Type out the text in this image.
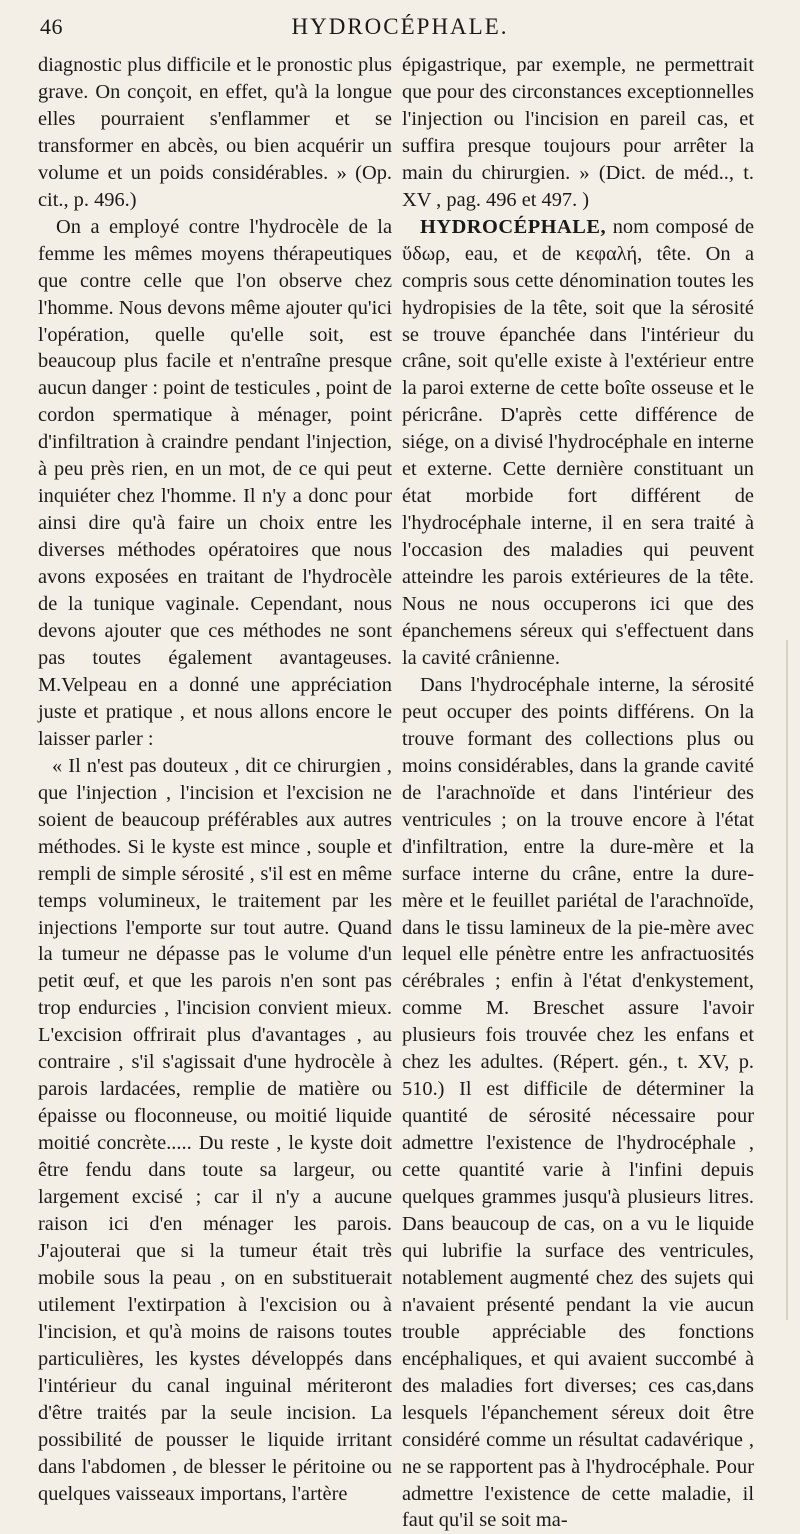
46	HYDROCÉPHALE.

diagnostic plus difficile et le pronostic plus grave. On conçoit, en effet, qu'à la longue elles pourraient s'enflammer et se transformer en abcès, ou bien acquérir un volume et un poids considérables. » (Op. cit., p. 496.)

On a employé contre l'hydrocèle de la femme les mêmes moyens thérapeutiques que contre celle que l'on observe chez l'homme. Nous devons même ajouter qu'ici l'opération, quelle qu'elle soit, est beaucoup plus facile et n'entraîne presque aucun danger : point de testicules , point de cordon spermatique à ménager, point d'infiltration à craindre pendant l'injection, à peu près rien, en un mot, de ce qui peut inquiéter chez l'homme. Il n'y a donc pour ainsi dire qu'à faire un choix entre les diverses méthodes opératoires que nous avons exposées en traitant de l'hydrocèle de la tunique vaginale. Cependant, nous devons ajouter que ces méthodes ne sont pas toutes également avantageuses. M.Velpeau en a donné une appréciation juste et pratique , et nous allons encore le laisser parler :

« Il n'est pas douteux , dit ce chirurgien , que l'injection , l'incision et l'excision ne soient de beaucoup préférables aux autres méthodes. Si le kyste est mince , souple et rempli de simple sérosité , s'il est en même temps volumineux, le traitement par les injections l'emporte sur tout autre. Quand la tumeur ne dépasse pas le volume d'un petit œuf, et que les parois n'en sont pas trop endurcies , l'incision convient mieux. L'excision offrirait plus d'avantages , au contraire , s'il s'agissait d'une hydrocèle à parois lardacées, remplie de matière ou épaisse ou floconneuse, ou moitié liquide moitié concrète..... Du reste , le kyste doit être fendu dans toute sa largeur, ou largement excisé ; car il n'y a aucune raison ici d'en ménager les parois. J'ajouterai que si la tumeur était très mobile sous la peau , on en substituerait utilement l'extirpation à l'excision ou à l'incision, et qu'à moins de raisons toutes particulières, les kystes développés dans l'intérieur du canal inguinal mériteront d'être traités par la seule incision. La possibilité de pousser le liquide irritant dans l'abdomen , de blesser le péritoine ou quelques vaisseaux importans, l'artère

épigastrique, par exemple, ne permettrait que pour des circonstances exceptionnelles l'injection ou l'incision en pareil cas, et suffira presque toujours pour arrêter la main du chirurgien. » (Dict. de méd.., t. XV , pag. 496 et 497. )

HYDROCÉPHALE, nom composé de ὕδωρ, eau, et de κεφαλή, tête. On a compris sous cette dénomination toutes les hydropisies de la tête, soit que la sérosité se trouve épanchée dans l'intérieur du crâne, soit qu'elle existe à l'extérieur entre la paroi externe de cette boîte osseuse et le péricrâne. D'après cette différence de siége, on a divisé l'hydrocéphale en interne et externe. Cette dernière constituant un état morbide fort différent de l'hydrocéphale interne, il en sera traité à l'occasion des maladies qui peuvent atteindre les parois extérieures de la tête. Nous ne nous occuperons ici que des épanchemens séreux qui s'effectuent dans la cavité crânienne.

Dans l'hydrocéphale interne, la sérosité peut occuper des points différens. On la trouve formant des collections plus ou moins considérables, dans la grande cavité de l'arachnoïde et dans l'intérieur des ventricules ; on la trouve encore à l'état d'infiltration, entre la dure-mère et la surface interne du crâne, entre la dure-mère et le feuillet pariétal de l'arachnoïde, dans le tissu lamineux de la pie-mère avec lequel elle pénètre entre les anfractuosités cérébrales ; enfin à l'état d'enkystement, comme M. Breschet assure l'avoir plusieurs fois trouvée chez les enfans et chez les adultes. (Répert. gén., t. XV, p. 510.) Il est difficile de déterminer la quantité de sérosité nécessaire pour admettre l'existence de l'hydrocéphale , cette quantité varie à l'infini depuis quelques grammes jusqu'à plusieurs litres. Dans beaucoup de cas, on a vu le liquide qui lubrifie la surface des ventricules, notablement augmenté chez des sujets qui n'avaient présenté pendant la vie aucun trouble appréciable des fonctions encéphaliques, et qui avaient succombé à des maladies fort diverses; ces cas,dans lesquels l'épanchement séreux doit être considéré comme un résultat cadavérique , ne se rapportent pas à l'hydrocéphale. Pour admettre l'existence de cette maladie, il faut qu'il se soit ma-
